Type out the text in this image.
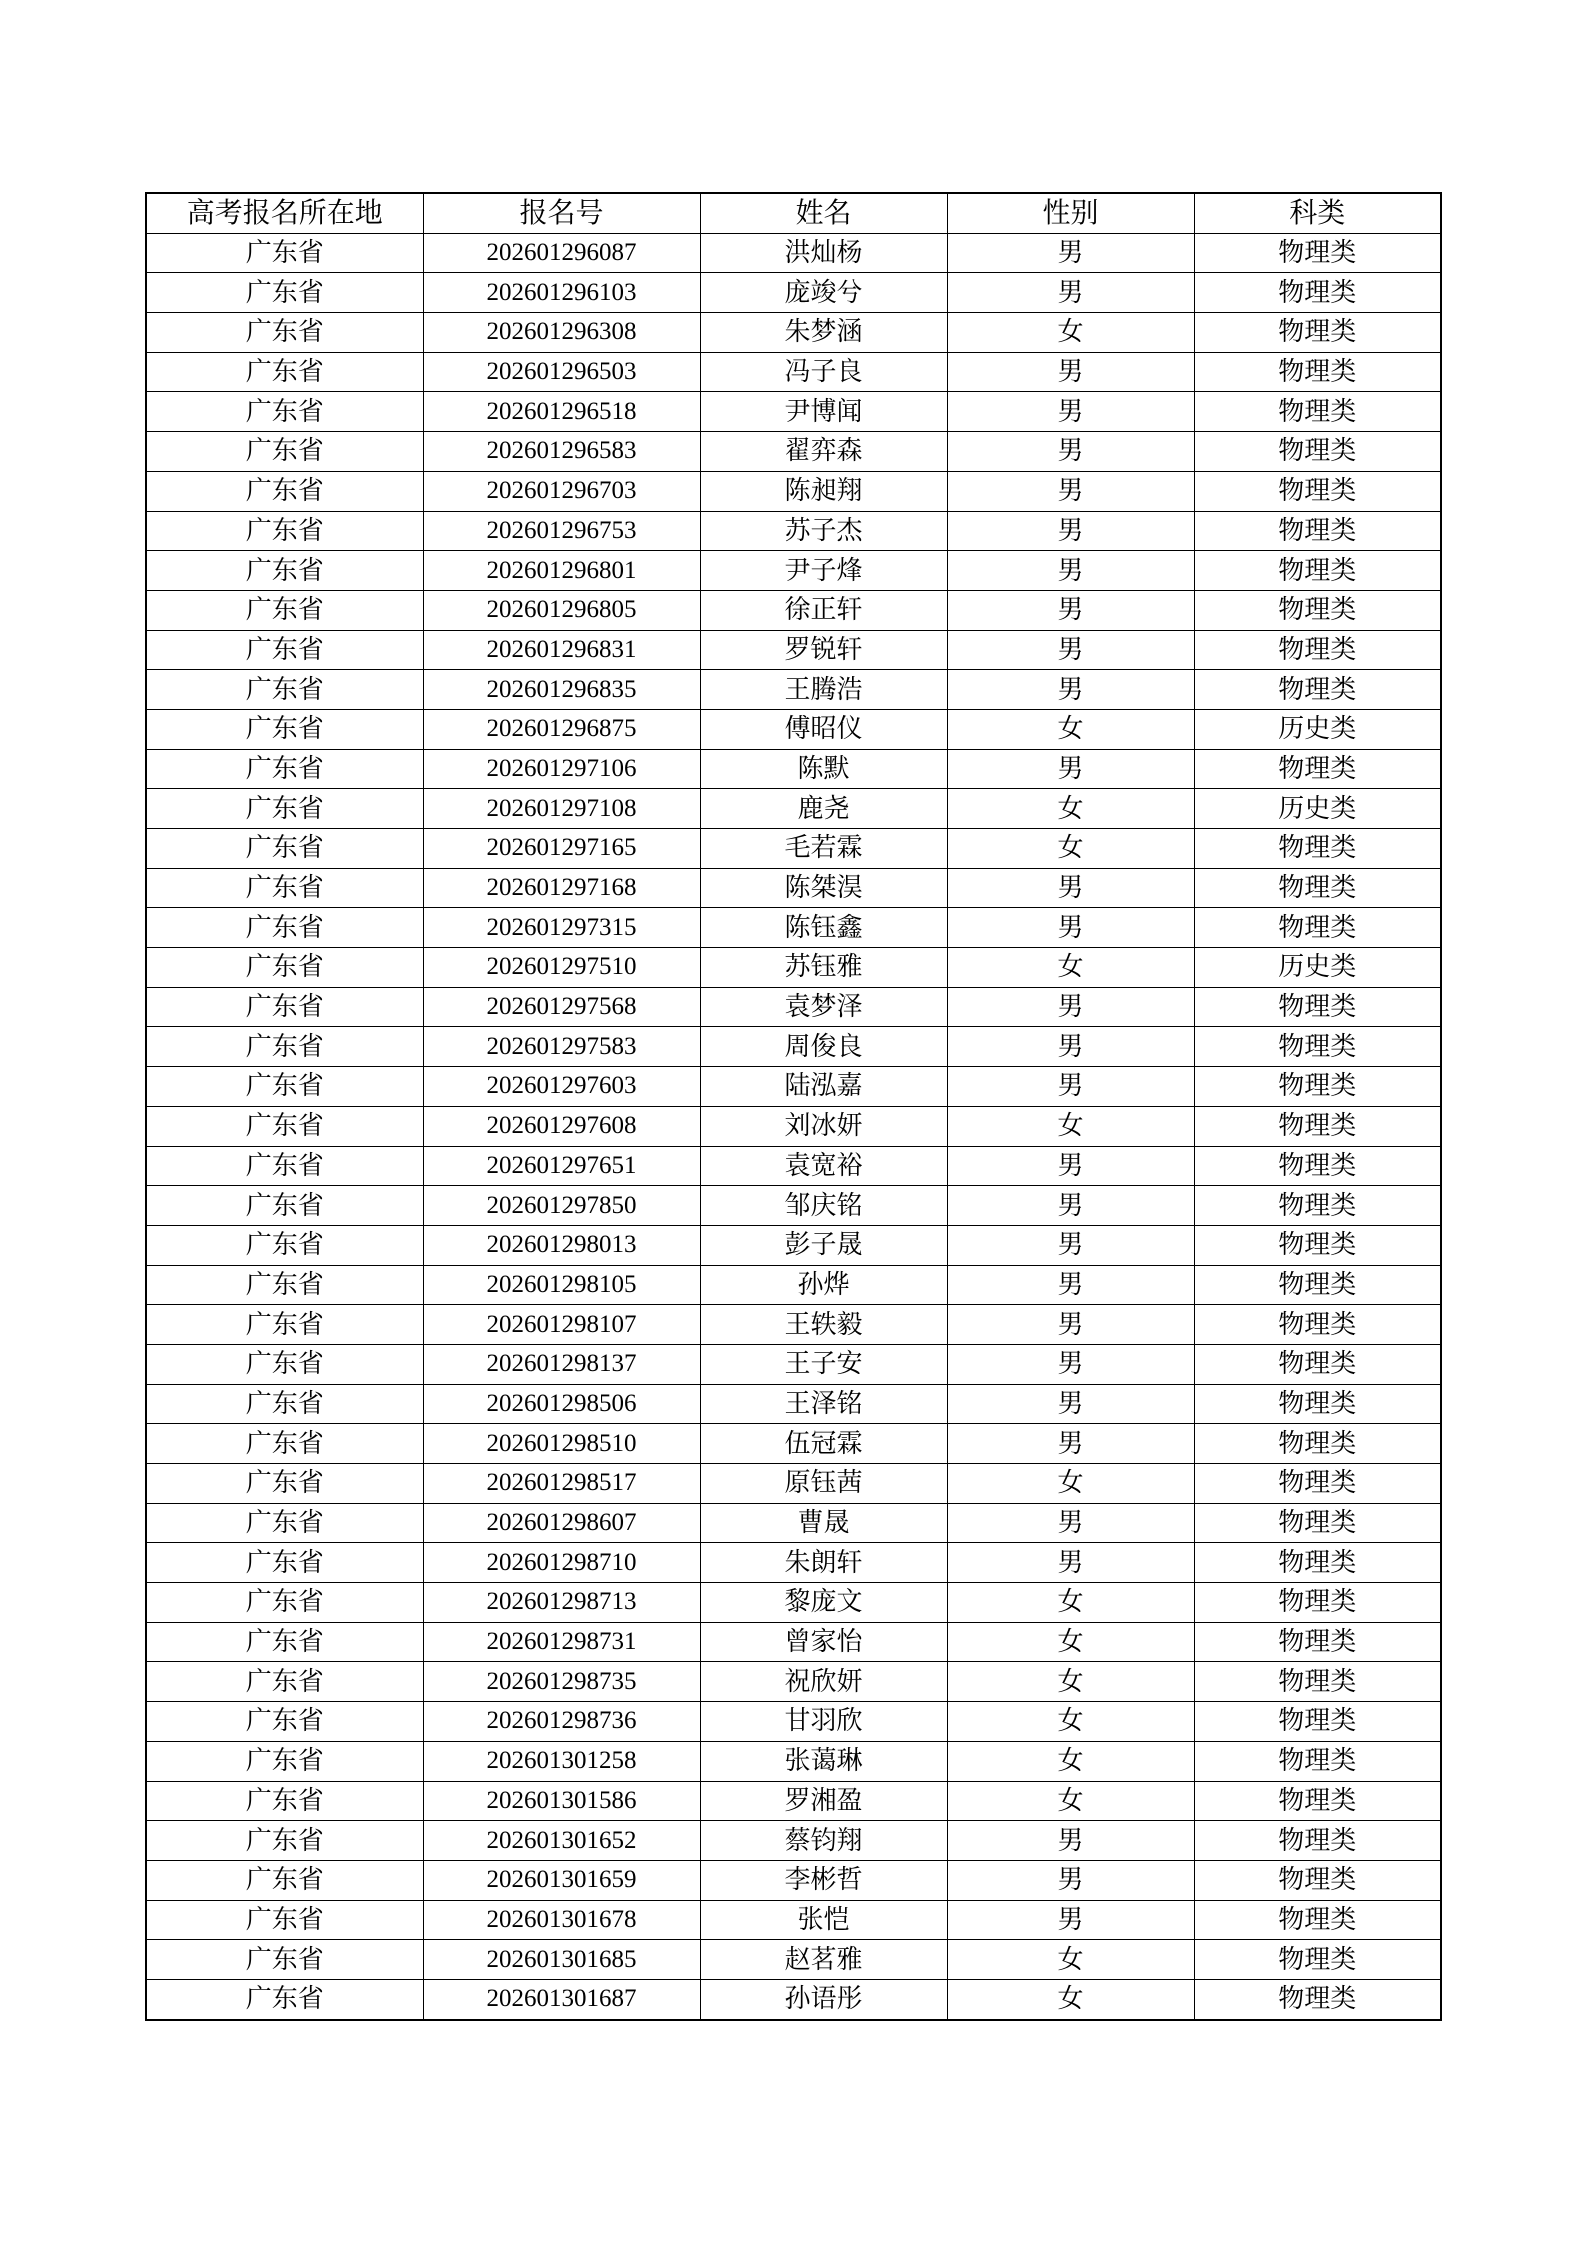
高考报名所在地	报名号	姓名	性别	科类
广东省	202601296087	洪灿杨	男	物理类
广东省	202601296103	庞竣兮	男	物理类
广东省	202601296308	朱梦涵	女	物理类
广东省	202601296503	冯子良	男	物理类
广东省	202601296518	尹博闻	男	物理类
广东省	202601296583	翟弈森	男	物理类
广东省	202601296703	陈昶翔	男	物理类
广东省	202601296753	苏子杰	男	物理类
广东省	202601296801	尹子烽	男	物理类
广东省	202601296805	徐正轩	男	物理类
广东省	202601296831	罗锐轩	男	物理类
广东省	202601296835	王腾浩	男	物理类
广东省	202601296875	傅昭仪	女	历史类
广东省	202601297106	陈默	男	物理类
广东省	202601297108	鹿尧	女	历史类
广东省	202601297165	毛若霖	女	物理类
广东省	202601297168	陈桀淏	男	物理类
广东省	202601297315	陈钰鑫	男	物理类
广东省	202601297510	苏钰雅	女	历史类
广东省	202601297568	袁梦泽	男	物理类
广东省	202601297583	周俊良	男	物理类
广东省	202601297603	陆泓嘉	男	物理类
广东省	202601297608	刘冰妍	女	物理类
广东省	202601297651	袁宽裕	男	物理类
广东省	202601297850	邹庆铭	男	物理类
广东省	202601298013	彭子晟	男	物理类
广东省	202601298105	孙烨	男	物理类
广东省	202601298107	王轶毅	男	物理类
广东省	202601298137	王子安	男	物理类
广东省	202601298506	王泽铭	男	物理类
广东省	202601298510	伍冠霖	男	物理类
广东省	202601298517	原钰茜	女	物理类
广东省	202601298607	曹晟	男	物理类
广东省	202601298710	朱朗轩	男	物理类
广东省	202601298713	黎庞文	女	物理类
广东省	202601298731	曾家怡	女	物理类
广东省	202601298735	祝欣妍	女	物理类
广东省	202601298736	甘羽欣	女	物理类
广东省	202601301258	张蔼琳	女	物理类
广东省	202601301586	罗湘盈	女	物理类
广东省	202601301652	蔡钧翔	男	物理类
广东省	202601301659	李彬哲	男	物理类
广东省	202601301678	张恺	男	物理类
广东省	202601301685	赵茗雅	女	物理类
广东省	202601301687	孙语彤	女	物理类
